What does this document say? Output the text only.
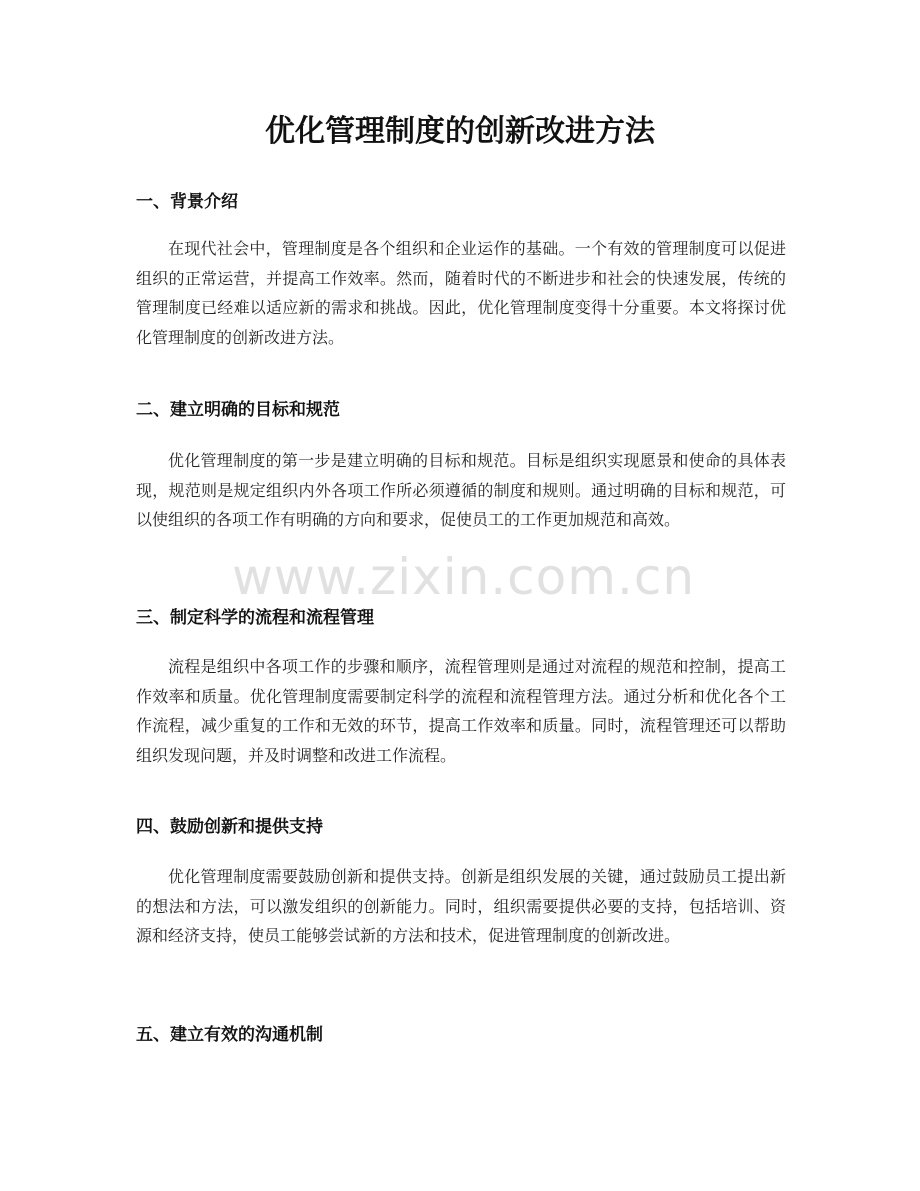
优化管理制度的创新改进方法
一、背景介绍

在现代社会中，管理制度是各个组织和企业运作的基础。一个有效的管理制度可以促进组织的正常运营，并提高工作效率。然而，随着时代的不断进步和社会的快速发展，传统的管理制度已经难以适应新的需求和挑战。因此，优化管理制度变得十分重要。本文将探讨优化管理制度的创新改进方法。

二、建立明确的目标和规范

优化管理制度的第一步是建立明确的目标和规范。目标是组织实现愿景和使命的具体表现，规范则是规定组织内外各项工作所必须遵循的制度和规则。通过明确的目标和规范，可以使组织的各项工作有明确的方向和要求，促使员工的工作更加规范和高效。

三、制定科学的流程和流程管理

流程是组织中各项工作的步骤和顺序，流程管理则是通过对流程的规范和控制，提高工作效率和质量。优化管理制度需要制定科学的流程和流程管理方法。通过分析和优化各个工作流程，减少重复的工作和无效的环节，提高工作效率和质量。同时，流程管理还可以帮助组织发现问题，并及时调整和改进工作流程。

四、鼓励创新和提供支持

优化管理制度需要鼓励创新和提供支持。创新是组织发展的关键，通过鼓励员工提出新的想法和方法，可以激发组织的创新能力。同时，组织需要提供必要的支持，包括培训、资源和经济支持，使员工能够尝试新的方法和技术，促进管理制度的创新改进。

五、建立有效的沟通机制
www.zixin.com.cn
